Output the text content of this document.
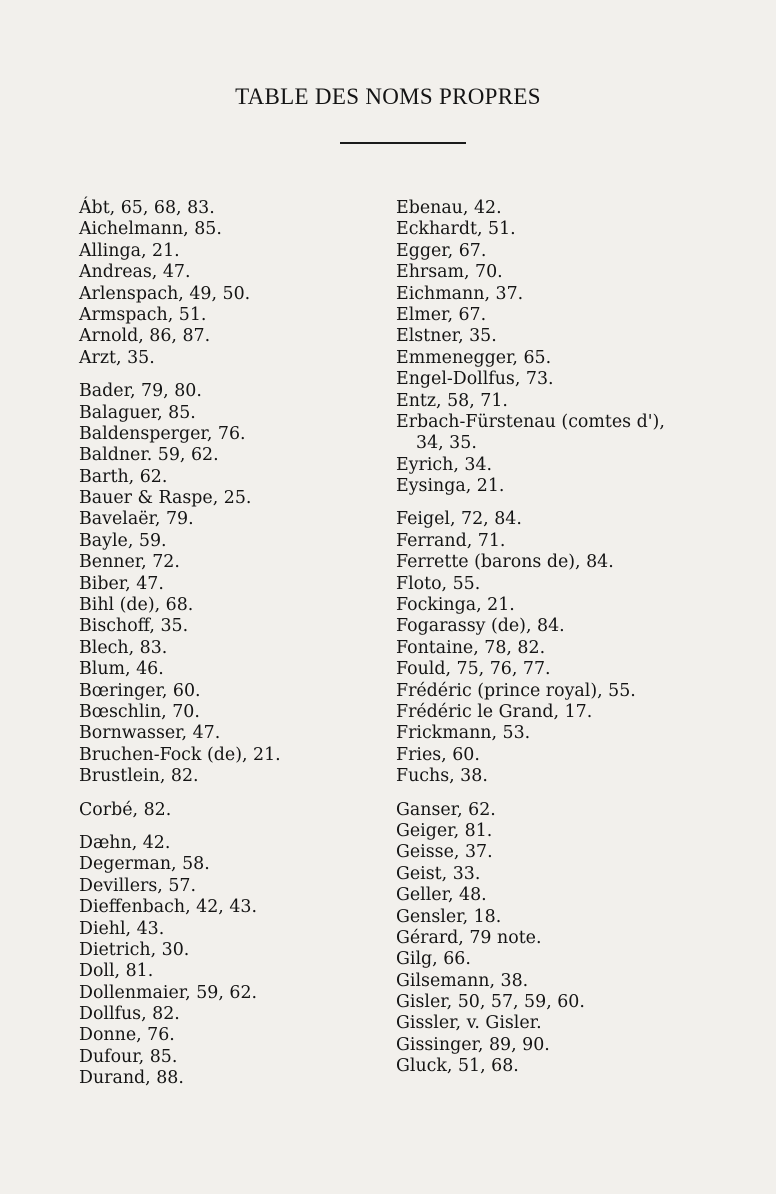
TABLE DES NOMS PROPRES
Ábt, 65, 68, 83.
Aichelmann, 85.
Allinga, 21.
Andreas, 47.
Arlenspach, 49, 50.
Armspach, 51.
Arnold, 86, 87.
Arzt, 35.
Bader, 79, 80.
Balaguer, 85.
Baldensperger, 76.
Baldner. 59, 62.
Barth, 62.
Bauer & Raspe, 25.
Bavelaër, 79.
Bayle, 59.
Benner, 72.
Biber, 47.
Bihl (de), 68.
Bischoff, 35.
Blech, 83.
Blum, 46.
Bœringer, 60.
Bœschlin, 70.
Bornwasser, 47.
Bruchen-Fock (de), 21.
Brustlein, 82.
Corbé, 82.
Dæhn, 42.
Degerman, 58.
Devillers, 57.
Dieffenbach, 42, 43.
Diehl, 43.
Dietrich, 30.
Doll, 81.
Dollenmaier, 59, 62.
Dollfus, 82.
Donne, 76.
Dufour, 85.
Durand, 88.
Ebenau, 42.
Eckhardt, 51.
Egger, 67.
Ehrsam, 70.
Eichmann, 37.
Elmer, 67.
Elstner, 35.
Emmenegger, 65.
Engel-Dollfus, 73.
Entz, 58, 71.
Erbach-Fürstenau (comtes d'),
34, 35.
Eyrich, 34.
Eysinga, 21.
Feigel, 72, 84.
Ferrand, 71.
Ferrette (barons de), 84.
Floto, 55.
Fockinga, 21.
Fogarassy (de), 84.
Fontaine, 78, 82.
Fould, 75, 76, 77.
Frédéric (prince royal), 55.
Frédéric le Grand, 17.
Frickmann, 53.
Fries, 60.
Fuchs, 38.
Ganser, 62.
Geiger, 81.
Geisse, 37.
Geist, 33.
Geller, 48.
Gensler, 18.
Gérard, 79 note.
Gilg, 66.
Gilsemann, 38.
Gisler, 50, 57, 59, 60.
Gissler, v. Gisler.
Gissinger, 89, 90.
Gluck, 51, 68.
